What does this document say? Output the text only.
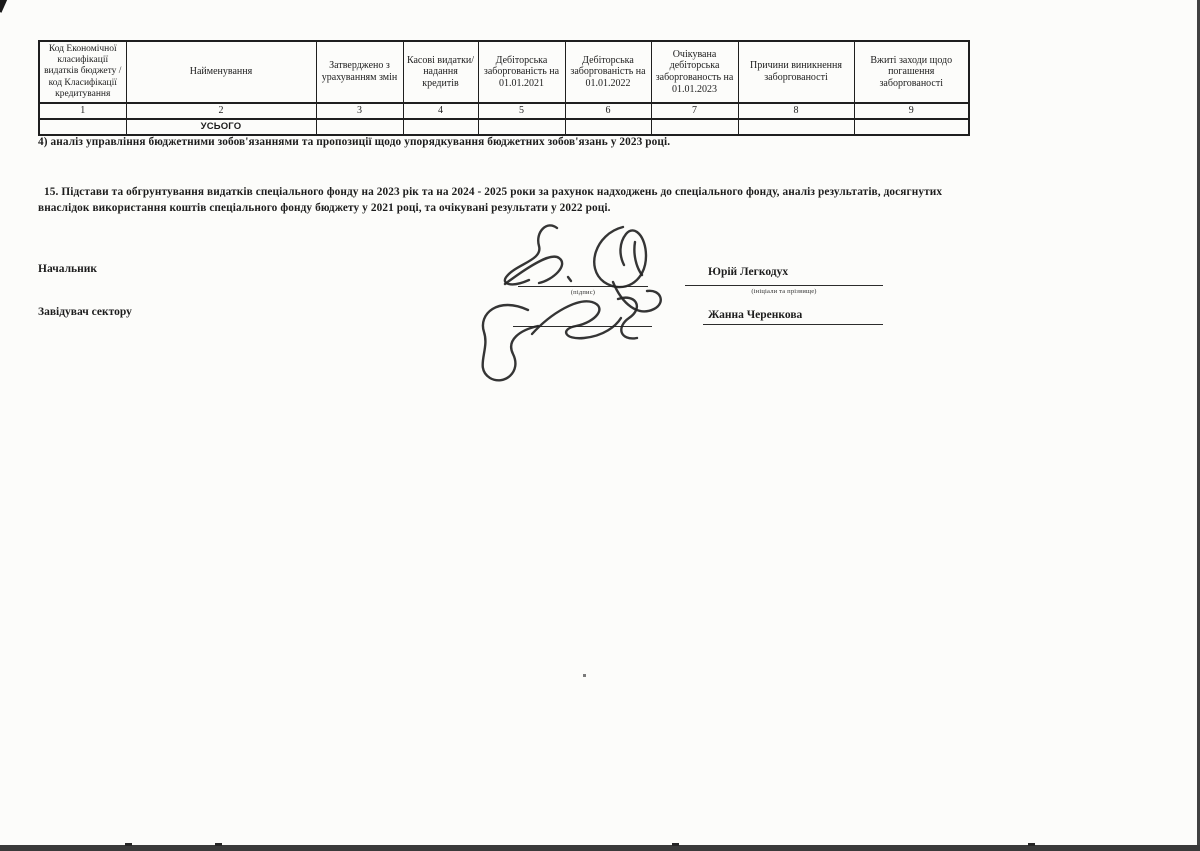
Код Економічної класифікації видатків бюджету / код Класифікації кредитування	Найменування	Затверджено з урахуванням змін	Касові видатки/ надання кредитів	Дебіторська заборгованість на 01.01.2021	Дебіторська заборгованість на 01.01.2022	Очікувана дебіторська заборгованость на 01.01.2023	Причини виникнення заборгованості	Вжиті заходи щодо погашення заборгованості
1	2	3	4	5	6	7	8	9
	УСЬОГО							
4) аналіз управління бюджетними зобов'язаннями та пропозиції щодо упорядкування бюджетних зобов'язань у 2023 році.
15. Підстави та обгрунтування видатків спеціального фонду на 2023 рік та на 2024 - 2025 роки за рахунок надходжень до спеціального фонду, аналіз результатів, досягнутих
внаслідок використання коштів спеціального фонду бюджету у 2021 році, та очікувані результати у 2022 році.
Начальник
(підпис)
Юрій Легкодух
(ініціали та прізвище)
Завідувач сектору	Жанна Черенкова
